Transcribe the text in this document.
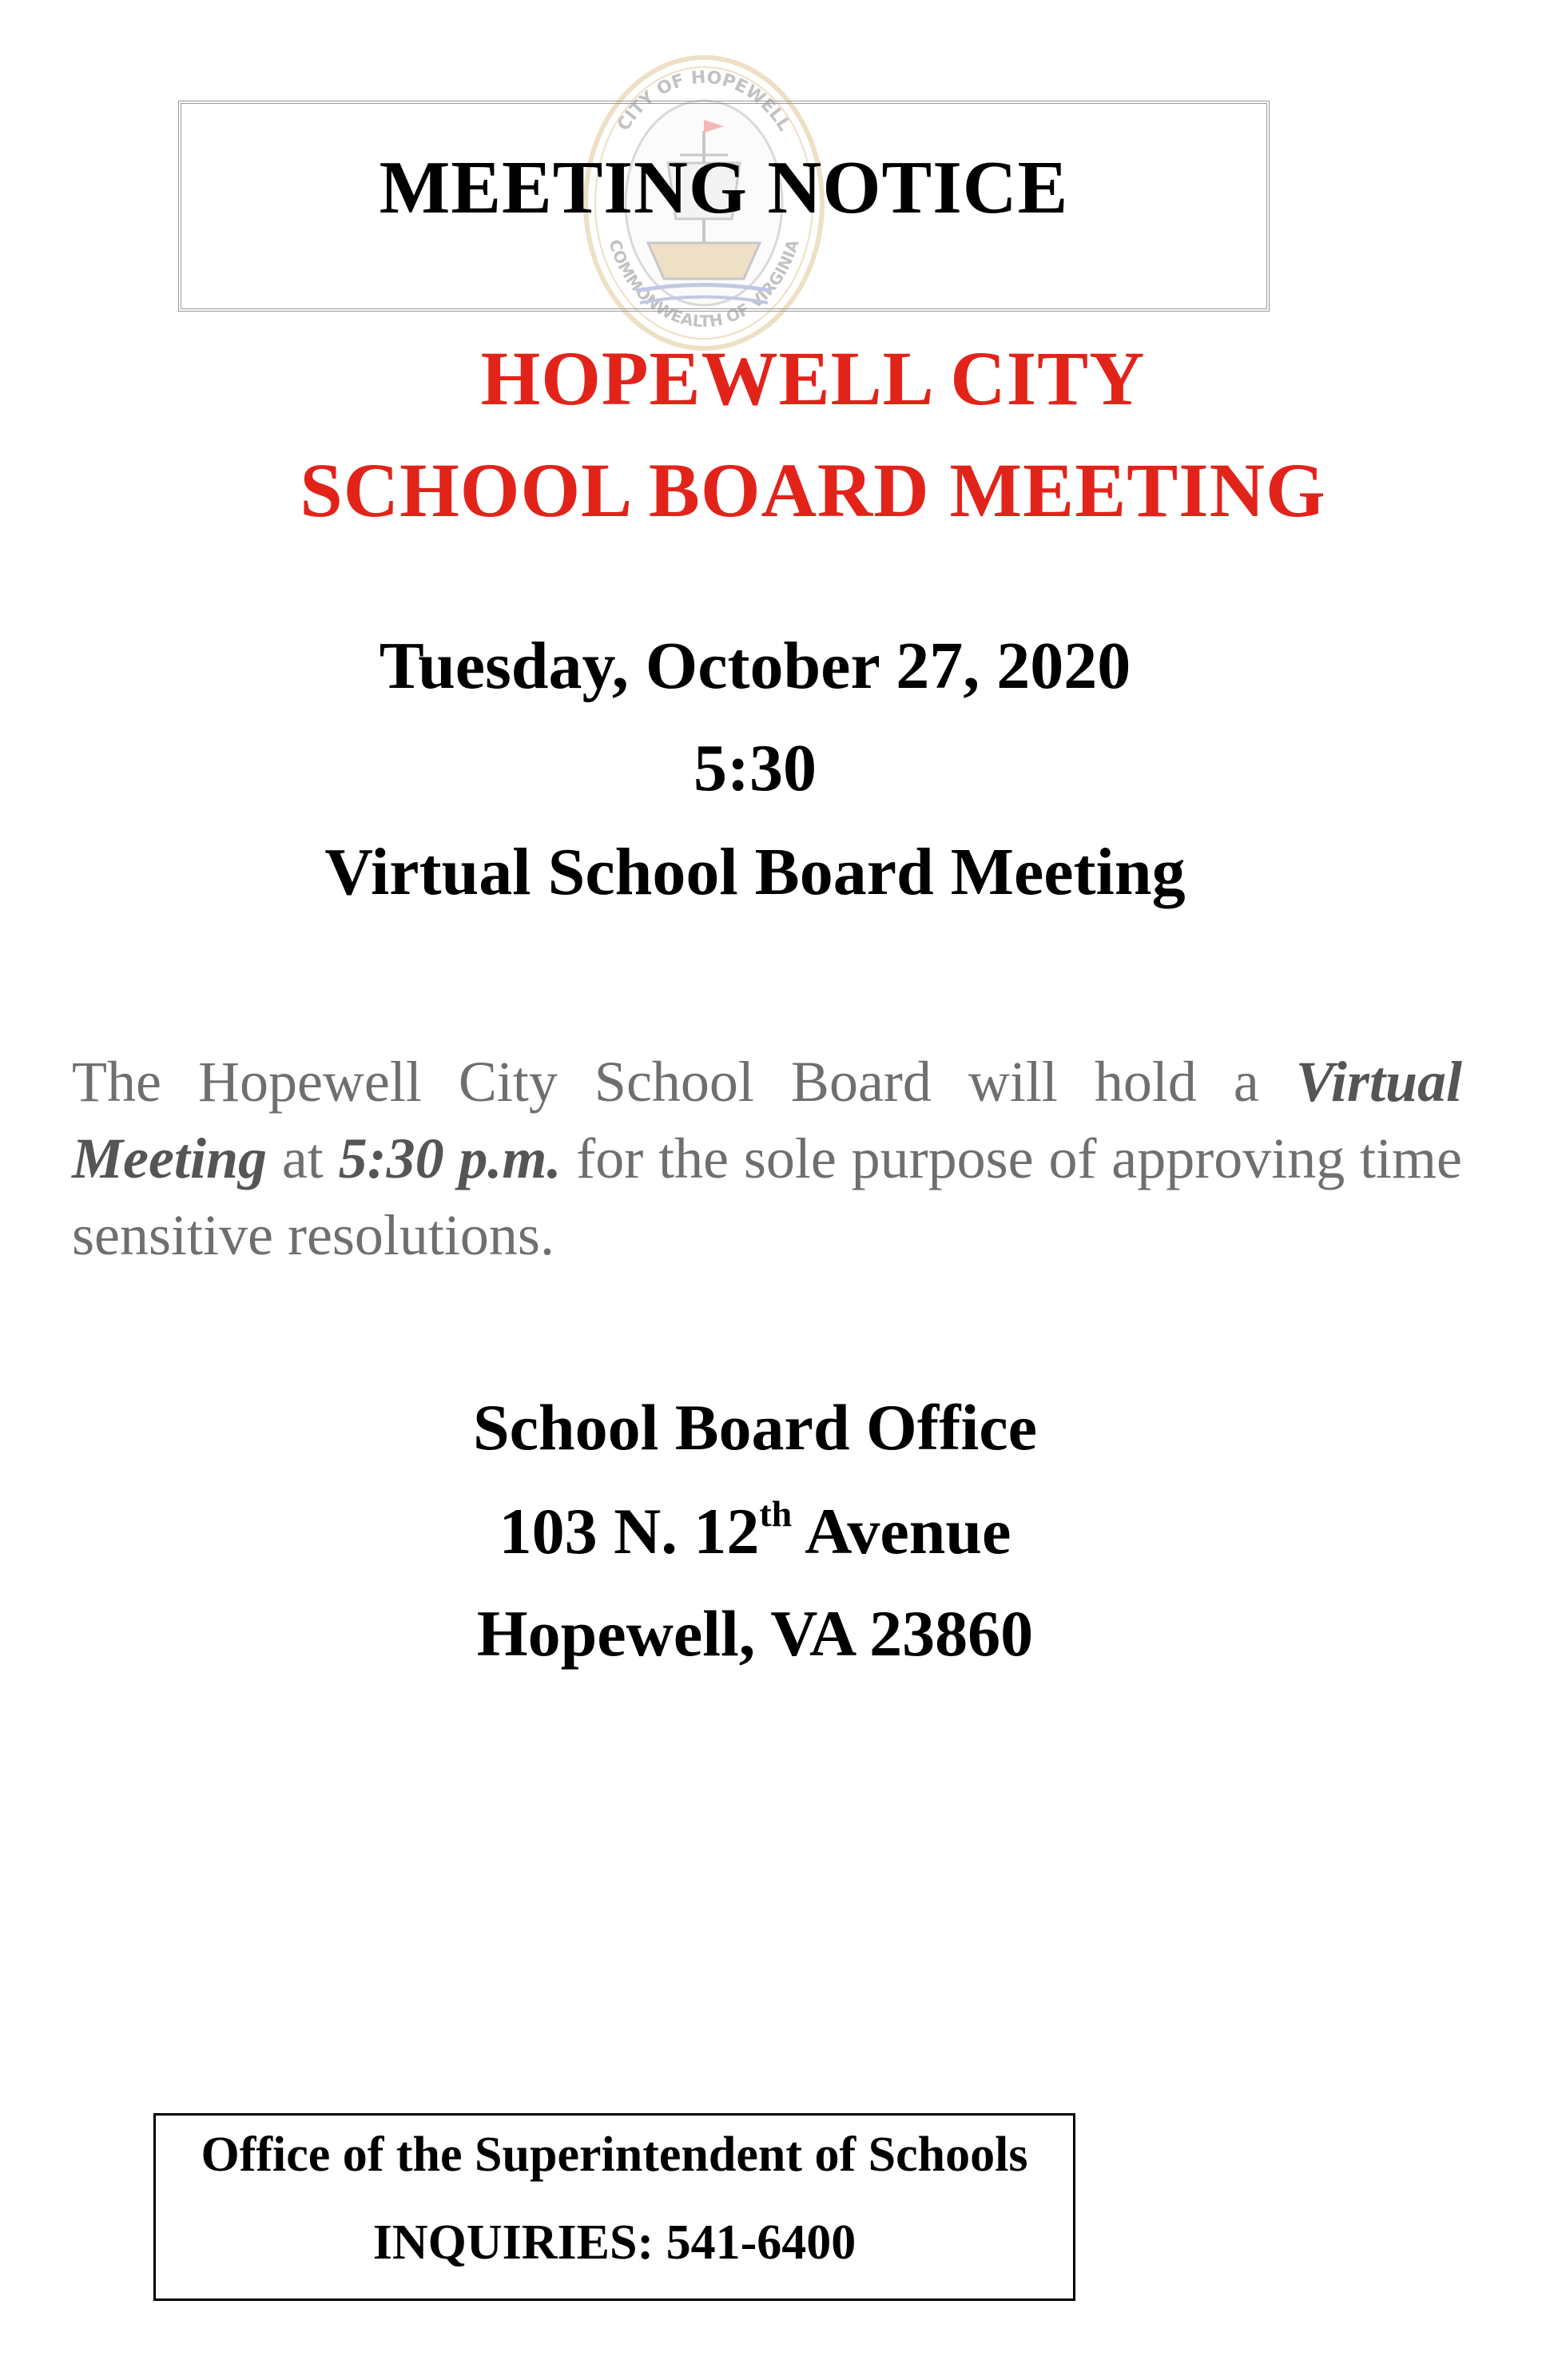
CITY OF HOPEWELL
COMMONWEALTH OF VIRGINIA
MEETING NOTICE
HOPEWELL CITY
SCHOOL BOARD MEETING
Tuesday, October 27, 2020
5:30
Virtual School Board Meeting
The Hopewell City School Board will hold a Virtual Meeting at 5:30 p.m. for the sole purpose of approving time sensitive resolutions.
School Board Office
103 N. 12th Avenue
Hopewell, VA 23860
Office of the Superintendent of Schools
INQUIRIES: 541-6400
